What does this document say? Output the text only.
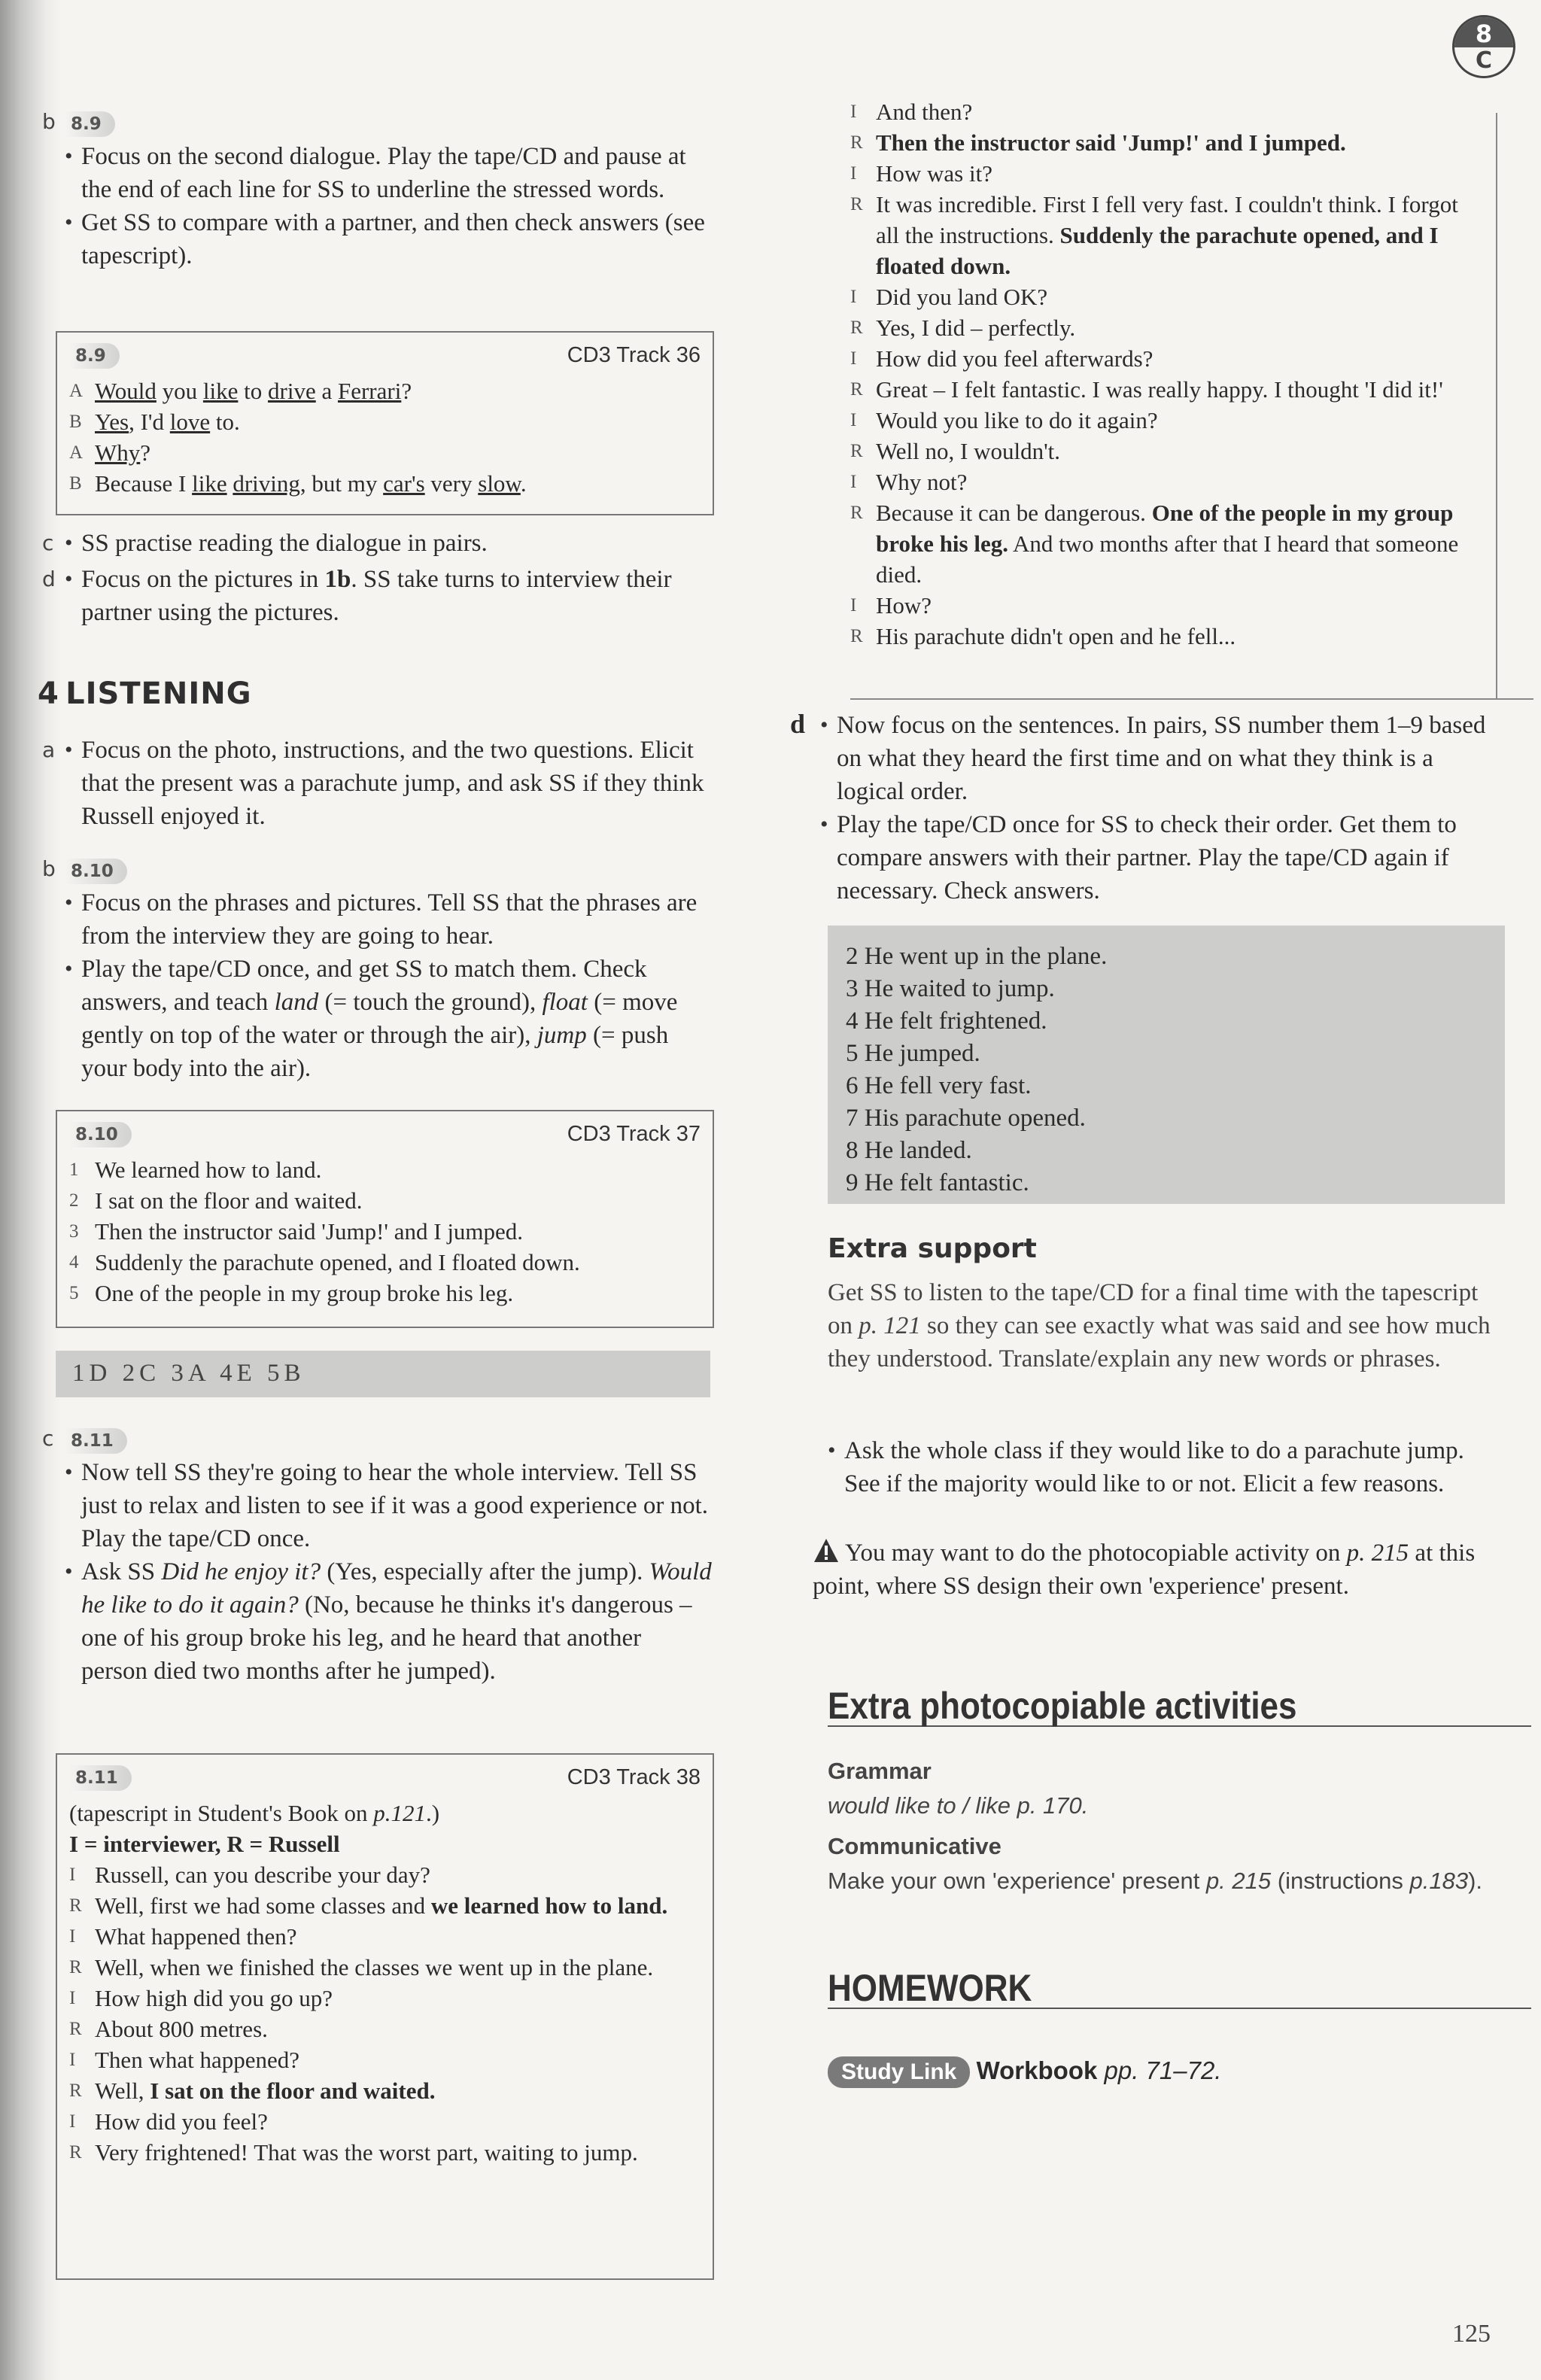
8
C
b 8.9
• Focus on the second dialogue. Play the tape/CD and pause at the end of each line for SS to underline the stressed words.
• Get SS to compare with a partner, and then check answers (see tapescript).
8.9	CD3 Track 36
A Would you like to drive a Ferrari?
B Yes, I'd love to.
A Why?
B Because I like driving, but my car's very slow.
c	• SS practise reading the dialogue in pairs.
d	• Focus on the pictures in 1b. SS take turns to interview their partner using the pictures.
4 LISTENING
a	• Focus on the photo, instructions, and the two questions. Elicit that the present was a parachute jump, and ask SS if they think Russell enjoyed it.
b 8.10
• Focus on the phrases and pictures. Tell SS that the phrases are from the interview they are going to hear.
• Play the tape/CD once, and get SS to match them. Check answers, and teach land (= touch the ground), float (= move gently on top of the water or through the air), jump (= push your body into the air).
8.10	CD3 Track 37
1 We learned how to land.
2 I sat on the floor and waited.
3 Then the instructor said 'Jump!' and I jumped.
4 Suddenly the parachute opened, and I floated down.
5 One of the people in my group broke his leg.
1D 2C 3A 4E 5B
c 8.11
• Now tell SS they're going to hear the whole interview. Tell SS just to relax and listen to see if it was a good experience or not. Play the tape/CD once.
• Ask SS Did he enjoy it? (Yes, especially after the jump). Would he like to do it again? (No, because he thinks it's dangerous – one of his group broke his leg, and he heard that another person died two months after he jumped).
8.11	CD3 Track 38
(tapescript in Student's Book on p.121.)
I = interviewer, R = Russell
I Russell, can you describe your day?
R Well, first we had some classes and we learned how to land.
I What happened then?
R Well, when we finished the classes we went up in the plane.
I How high did you go up?
R About 800 metres.
I Then what happened?
R Well, I sat on the floor and waited.
I How did you feel?
R Very frightened! That was the worst part, waiting to jump.
I And then?
R Then the instructor said 'Jump!' and I jumped.
I How was it?
R It was incredible. First I fell very fast. I couldn't think. I forgot all the instructions. Suddenly the parachute opened, and I floated down.
I Did you land OK?
R Yes, I did – perfectly.
I How did you feel afterwards?
R Great – I felt fantastic. I was really happy. I thought 'I did it!'
I Would you like to do it again?
R Well no, I wouldn't.
I Why not?
R Because it can be dangerous. One of the people in my group broke his leg. And two months after that I heard that someone died.
I How?
R His parachute didn't open and he fell...
d	• Now focus on the sentences. In pairs, SS number them 1–9 based on what they heard the first time and on what they think is a logical order.
• Play the tape/CD once for SS to check their order. Get them to compare answers with their partner. Play the tape/CD again if necessary. Check answers.
2 He went up in the plane.
3 He waited to jump.
4 He felt frightened.
5 He jumped.
6 He fell very fast.
7 His parachute opened.
8 He landed.
9 He felt fantastic.
Extra support
Get SS to listen to the tape/CD for a final time with the tapescript on p. 121 so they can see exactly what was said and see how much they understood. Translate/explain any new words or phrases.
• Ask the whole class if they would like to do a parachute jump. See if the majority would like to or not. Elicit a few reasons.
You may want to do the photocopiable activity on p. 215 at this point, where SS design their own 'experience' present.
Extra photocopiable activities
Grammar
would like to / like p. 170.
Communicative
Make your own 'experience' present p. 215 (instructions p.183).
HOMEWORK
Study Link Workbook pp. 71–72.
125
